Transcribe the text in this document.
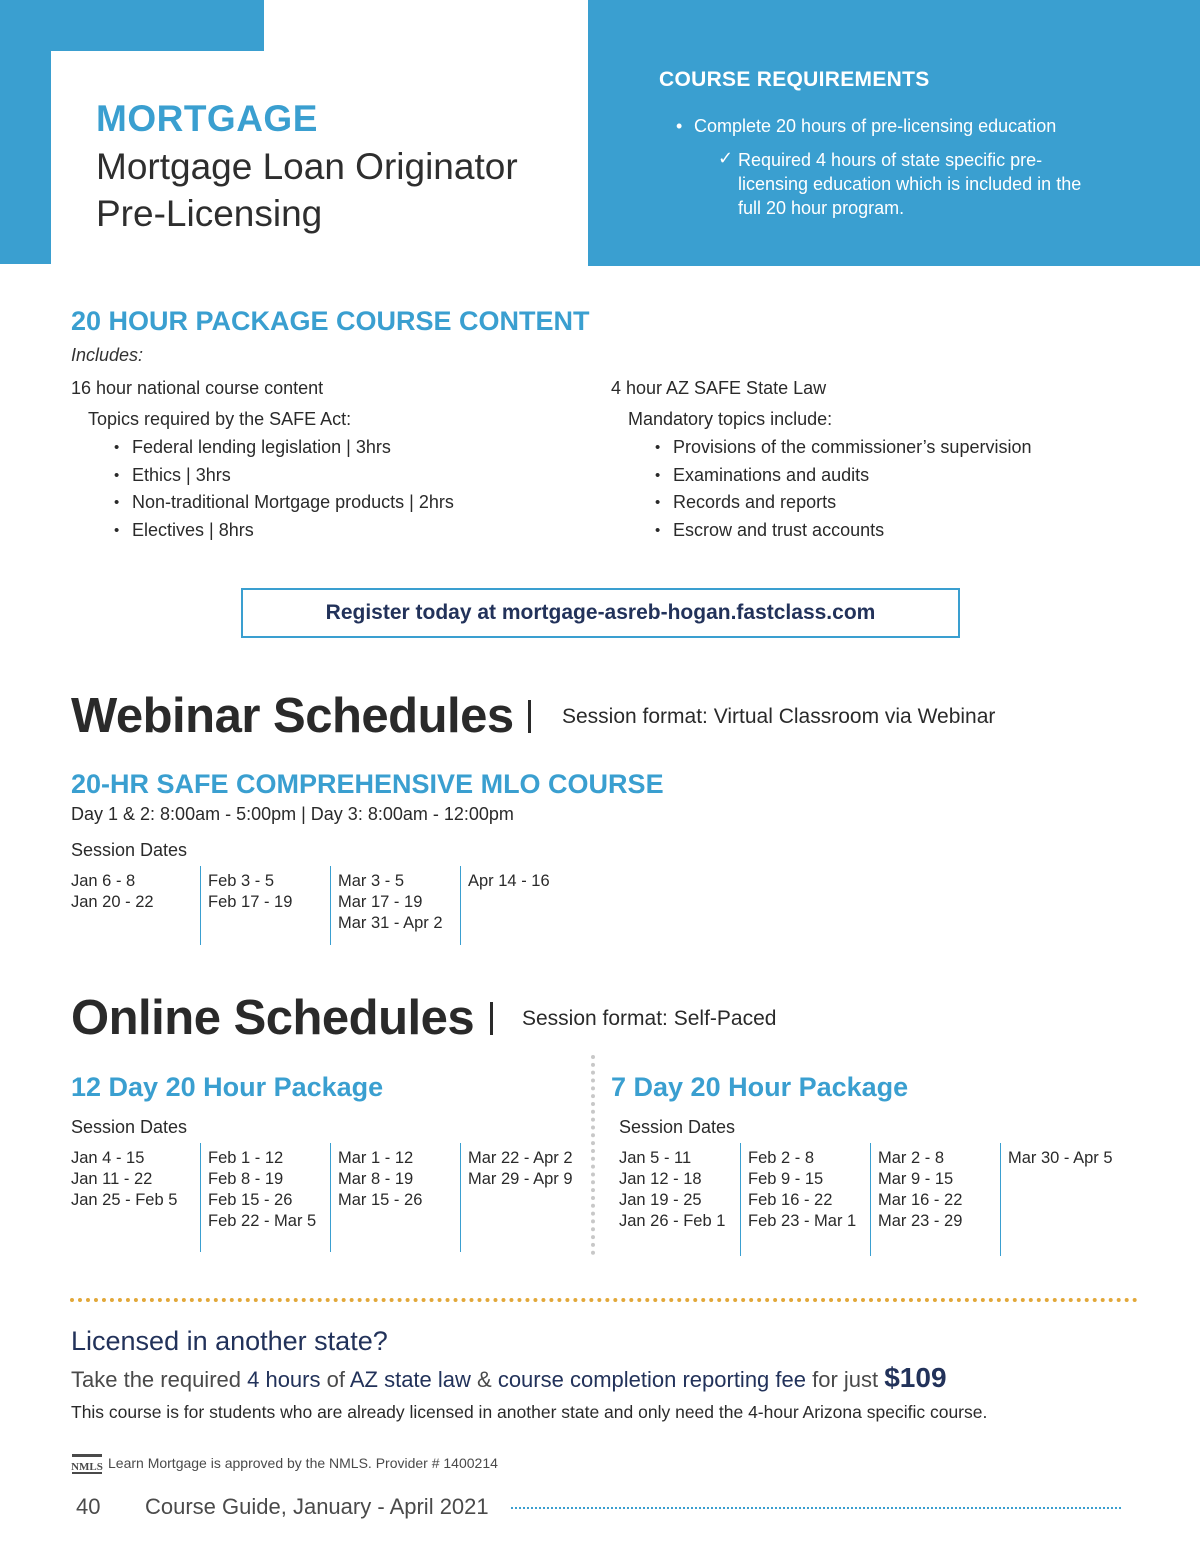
MORTGAGE
Mortgage Loan Originator
Pre-Licensing
COURSE REQUIREMENTS
• Complete 20 hours of pre-licensing education
✓ Required 4 hours of state specific pre-licensing education which is included in the full 20 hour program.
20 HOUR PACKAGE COURSE CONTENT
Includes:
16 hour national course content
Topics required by the SAFE Act:
• Federal lending legislation | 3hrs
• Ethics | 3hrs
• Non-traditional Mortgage products | 2hrs
• Electives | 8hrs
4 hour AZ SAFE State Law
Mandatory topics include:
• Provisions of the commissioner’s supervision
• Examinations and audits
• Records and reports
• Escrow and trust accounts
Register today at mortgage-asreb-hogan.fastclass.com
Webinar Schedules Session format: Virtual Classroom via Webinar
20-HR SAFE COMPREHENSIVE MLO COURSE
Day 1 & 2: 8:00am - 5:00pm | Day 3: 8:00am - 12:00pm
Session Dates
Jan 6 - 8
Jan 20 - 22
Feb 3 - 5
Feb 17 - 19
Mar 3 - 5
Mar 17 - 19
Mar 31 - Apr 2
Apr 14 - 16
Online Schedules Session format: Self-Paced
12 Day 20 Hour Package
Session Dates
Jan 4 - 15
Jan 11 - 22
Jan 25 - Feb 5
Feb 1 - 12
Feb 8 - 19
Feb 15 - 26
Feb 22 - Mar 5
Mar 1 - 12
Mar 8 - 19
Mar 15 - 26
Mar 22 - Apr 2
Mar 29 - Apr 9
7 Day 20 Hour Package
Session Dates
Jan 5 - 11
Jan 12 - 18
Jan 19 - 25
Jan 26 - Feb 1
Feb 2 - 8
Feb 9 - 15
Feb 16 - 22
Feb 23 - Mar 1
Mar 2 - 8
Mar 9 - 15
Mar 16 - 22
Mar 23 - 29
Mar 30 - Apr 5
Licensed in another state?
Take the required 4 hours of AZ state law & course completion reporting fee for just $109
This course is for students who are already licensed in another state and only need the 4-hour Arizona specific course.
NMLS Learn Mortgage is approved by the NMLS. Provider # 1400214
40 Course Guide, January - April 2021
